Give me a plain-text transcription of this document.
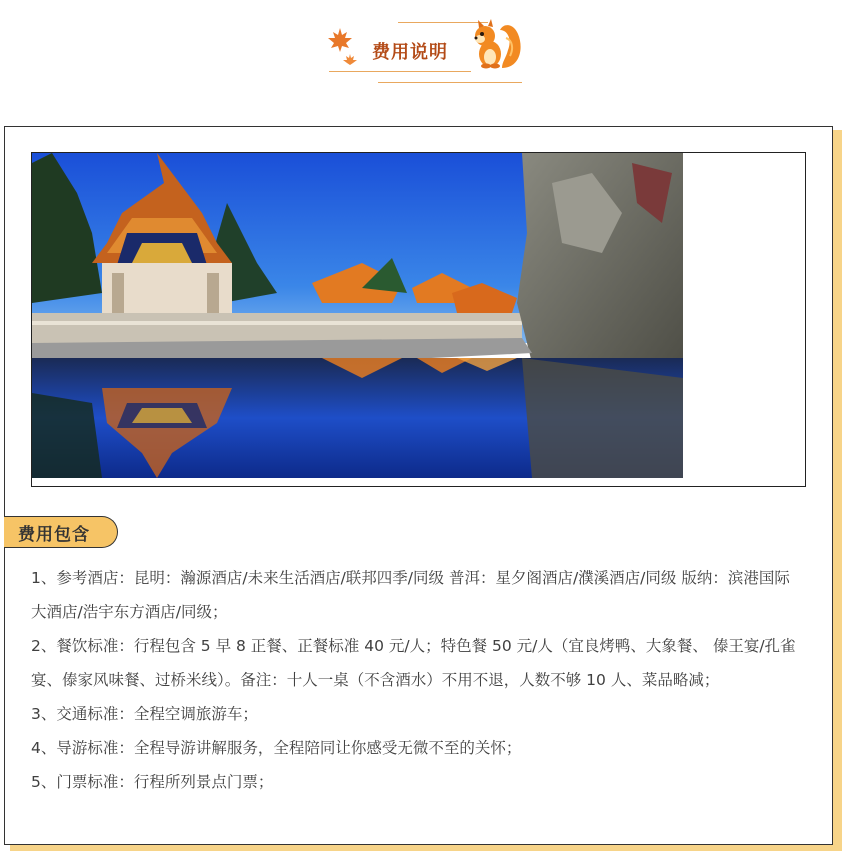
费用说明
费用包含

1、参考酒店：昆明：瀚源酒店/未来生活酒店/联邦四季/同级 普洱：星夕阁酒店/濮溪酒店/同级 版纳：滨港国际大酒店/浩宇东方酒店/同级；

2、餐饮标准：行程包含 5 早 8 正餐、正餐标准 40 元/人；特色餐 50 元/人（宜良烤鸭、大象餐、 傣王宴/孔雀宴、傣家风味餐、过桥米线）。备注：十人一桌（不含酒水）不用不退，人数不够 10 人、菜品略减；

3、交通标准：全程空调旅游车；

4、导游标准：全程导游讲解服务，全程陪同让你感受无微不至的关怀；

5、门票标准：行程所列景点门票；
